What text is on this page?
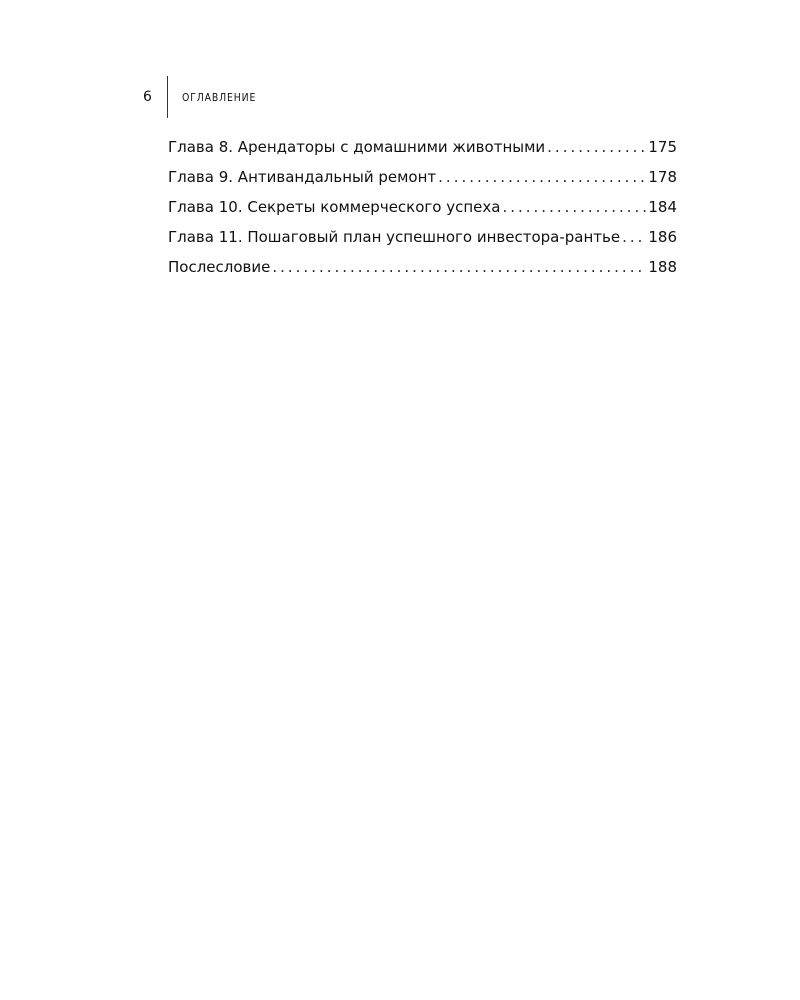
6	ОГЛАВЛЕНИЕ
Глава 8. Арендаторы с домашними животными .....	175
Глава 9. Антивандальный ремонт .....	178
Глава 10. Секреты коммерческого успеха .....	184
Глава 11. Пошаговый план успешного инвестора-рантье ..... 186
Послесловие .....	188
